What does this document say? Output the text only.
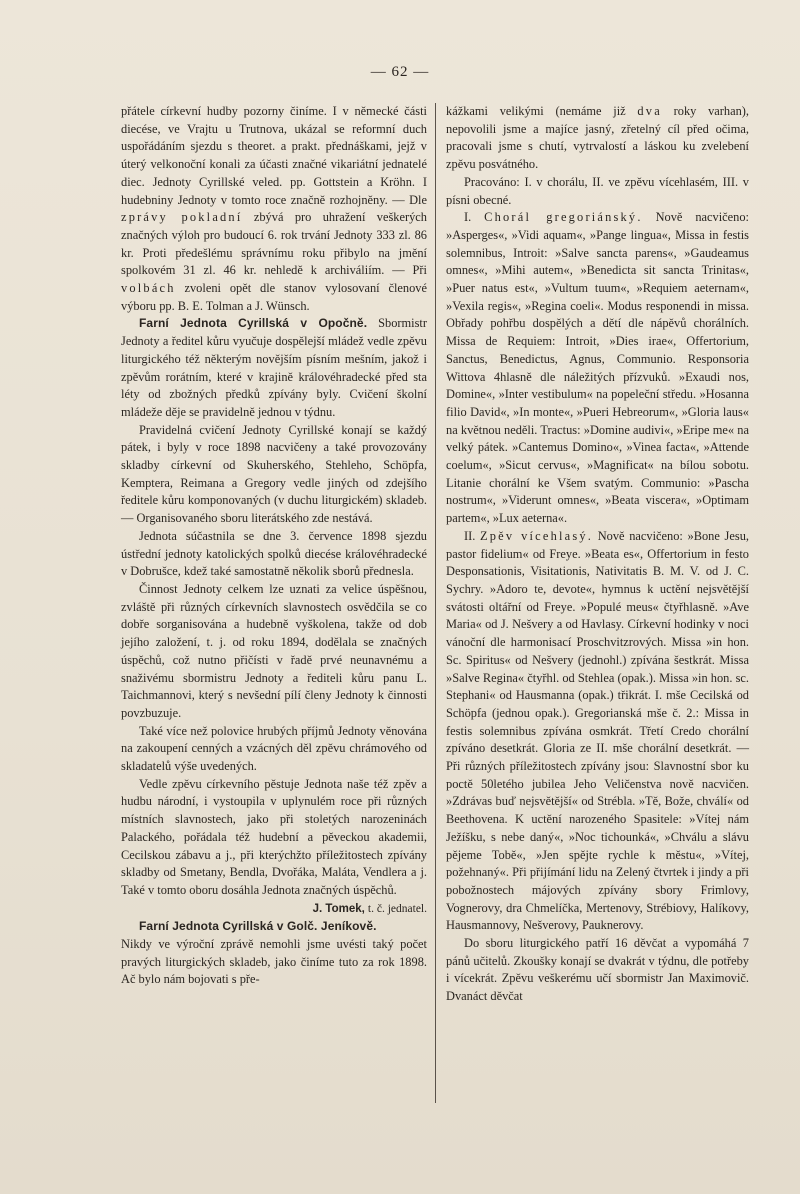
— 62 —

přátele církevní hudby pozorny činíme. I v německé části diecése, ve Vrajtu u Trutnova, ukázal se reformní duch uspořádáním sjezdu s theoret. a prakt. přednáškami, jejž v úterý velkonoční konali za účasti značné vikariátní jednatelé diec. Jednoty Cyrillské veled. pp. Gottstein a Kröhn. I hudebniny Jednoty v tomto roce značně rozhojněny. — Dle zprávy pokladní zbývá pro uhražení veškerých značných výloh pro budoucí 6. rok trvání Jednoty 333 zl. 86 kr. Proti předešlému správnímu roku přibylo na jmění spolkovém 31 zl. 46 kr. nehledě k archiváliím. — Při volbách zvoleni opět dle stanov vylosovaní členové výboru pp. B. E. Tolman a J. Wünsch.

Farní Jednota Cyrillská v Opočně. Sbormistr Jednoty a ředitel kůru vyučuje dospělejší mládež vedle zpěvu liturgického též některým novějším písním mešním, jakož i zpěvům rorátním, které v krajině královéhradecké před sta léty od zbožných předků zpívány byly. Cvičení školní mládeže děje se pravidelně jednou v týdnu.

Pravidelná cvičení Jednoty Cyrillské konají se každý pátek, i byly v roce 1898 nacvičeny a také provozovány skladby církevní od Skuherského, Stehleho, Schöpfa, Kemptera, Reimana a Gregory vedle jiných od zdejšího ředitele kůru komponovaných (v duchu liturgickém) skladeb. — Organisovaného sboru literátského zde nestává.

Jednota súčastnila se dne 3. července 1898 sjezdu ústřední jednoty katolických spolků diecése královéhradecké v Dobrušce, kdež také samostatně několik sborů přednesla.

Činnost Jednoty celkem lze uznati za velice úspěšnou, zvláště při různých církevních slavnostech osvědčila se co dobře sorganisována a hudebně vyškolena, takže od dob jejího založení, t. j. od roku 1894, dodělala se značných úspěchů, což nutno přičísti v řadě prvé neunavnému a snaživému sbormistru Jednoty a řediteli kůru panu L. Taichmannovi, který s nevšední pílí členy Jednoty k činnosti povzbuzuje.

Také více než polovice hrubých příjmů Jednoty věnována na zakoupení cenných a vzácných děl zpěvu chrámového od skladatelů výše uvedených.

Vedle zpěvu církevního pěstuje Jednota naše též zpěv a hudbu národní, i vystoupila v uplynulém roce při různých místních slavnostech, jako při stoletých narozeninách Palackého, pořádala též hudební a pěveckou akademii, Cecilskou zábavu a j., při kterýchžto příležitostech zpívány skladby od Smetany, Bendla, Dvořáka, Maláta, Vendlera a j. Také v tomto oboru dosáhla Jednota značných úspěchů.

J. Tomek, t. č. jednatel.

Farní Jednota Cyrillská v Golč. Jeníkově.

Nikdy ve výroční zprávě nemohli jsme uvésti taký počet pravých liturgických skladeb, jako činíme tuto za rok 1898. Ač bylo nám bojovati s pře-

kážkami velikými (nemáme již dva roky varhan), nepovolili jsme a majíce jasný, zřetelný cíl před očima, pracovali jsme s chutí, vytrvalostí a láskou ku zvelebení zpěvu posvátného.

Pracováno: I. v chorálu, II. ve zpěvu vícehlasém, III. v písni obecné.

I. Chorál gregoriánský. Nově nacvičeno: »Asperges«, »Vidi aquam«, »Pange lingua«, Missa in festis solemnibus, Introit: »Salve sancta parens«, »Gaudeamus omnes«, »Mihi autem«, »Benedicta sit sancta Trinitas«, »Puer natus est«, »Vultum tuum«, »Requiem aeternam«, »Vexila regis«, »Regina coeli«. Modus responendi in missa. Obřady pohřbu dospělých a dětí dle nápěvů chorálních. Missa de Requiem: Introit, »Dies irae«, Offertorium, Sanctus, Benedictus, Agnus, Communio. Responsoria Wittova 4hlasně dle náležitých přízvuků. »Exaudi nos, Domine«, »Inter vestibulum« na popeleční středu. »Hosanna filio David«, »In monte«, »Pueri Hebreorum«, »Gloria laus« na květnou neděli. Tractus: »Domine audivi«, »Eripe me« na velký pátek. »Cantemus Domino«, »Vinea facta«, »Attende coelum«, »Sicut cervus«, »Magnificat« na bílou sobotu. Litanie chorální ke Všem svatým. Communio: »Pascha nostrum«, »Viderunt omnes«, »Beata viscera«, »Optimam partem«, »Lux aeterna«.

II. Zpěv vícehlasý. Nově nacvičeno: »Bone Jesu, pastor fidelium« od Freye. »Beata es«, Offertorium in festo Desponsationis, Visitationis, Nativitatis B. M. V. od J. C. Sychry. »Adoro te, devote«, hymnus k uctění nejsvětější svátosti oltářní od Freye. »Populé meus« čtyřhlasně. »Ave Maria« od J. Nešvery a od Havlasy. Církevní hodinky v noci vánoční dle harmonisací Proschvitzrových. Missa »in hon. Sc. Spiritus« od Nešvery (jednohl.) zpívána šestkrát. Missa »Salve Regina« čtyřhl. od Stehlea (opak.). Missa »in hon. sc. Stephani« od Hausmanna (opak.) třikrát. I. mše Cecilská od Schöpfa (jednou opak.). Gregorianská mše č. 2.: Missa in festis solemnibus zpívána osmkrát. Třetí Credo chorální zpíváno desetkrát. Gloria ze II. mše chorální desetkrát. — Při různých příležitostech zpívány jsou: Slavnostní sbor ku poctě 50letého jubilea Jeho Veličenstva nově nacvičen. »Zdrávas buď nejsvětější« od Strébla. »Tě, Bože, chválí« od Beethovena. K uctění narozeného Spasitele: »Vítej nám Ježíšku, s nebe daný«, »Noc tichounká«, »Chválu a slávu pějeme Tobě«, »Jen spějte rychle k městu«, »Vítej, požehnaný«. Při přijímání lidu na Zelený čtvrtek i jindy a při pobožnostech májových zpívány sbory Frimlovy, Vognerovy, dra Chmelíčka, Mertenovy, Strébiovy, Halíkovy, Hausmannovy, Nešverovy, Pauknerovy.

Do sboru liturgického patří 16 děvčat a vypomáhá 7 pánů učitelů. Zkoušky konají se dvakrát v týdnu, dle potřeby i vícekrát. Zpěvu veškerému učí sbormistr Jan Maximovič. Dvanáct děvčat
